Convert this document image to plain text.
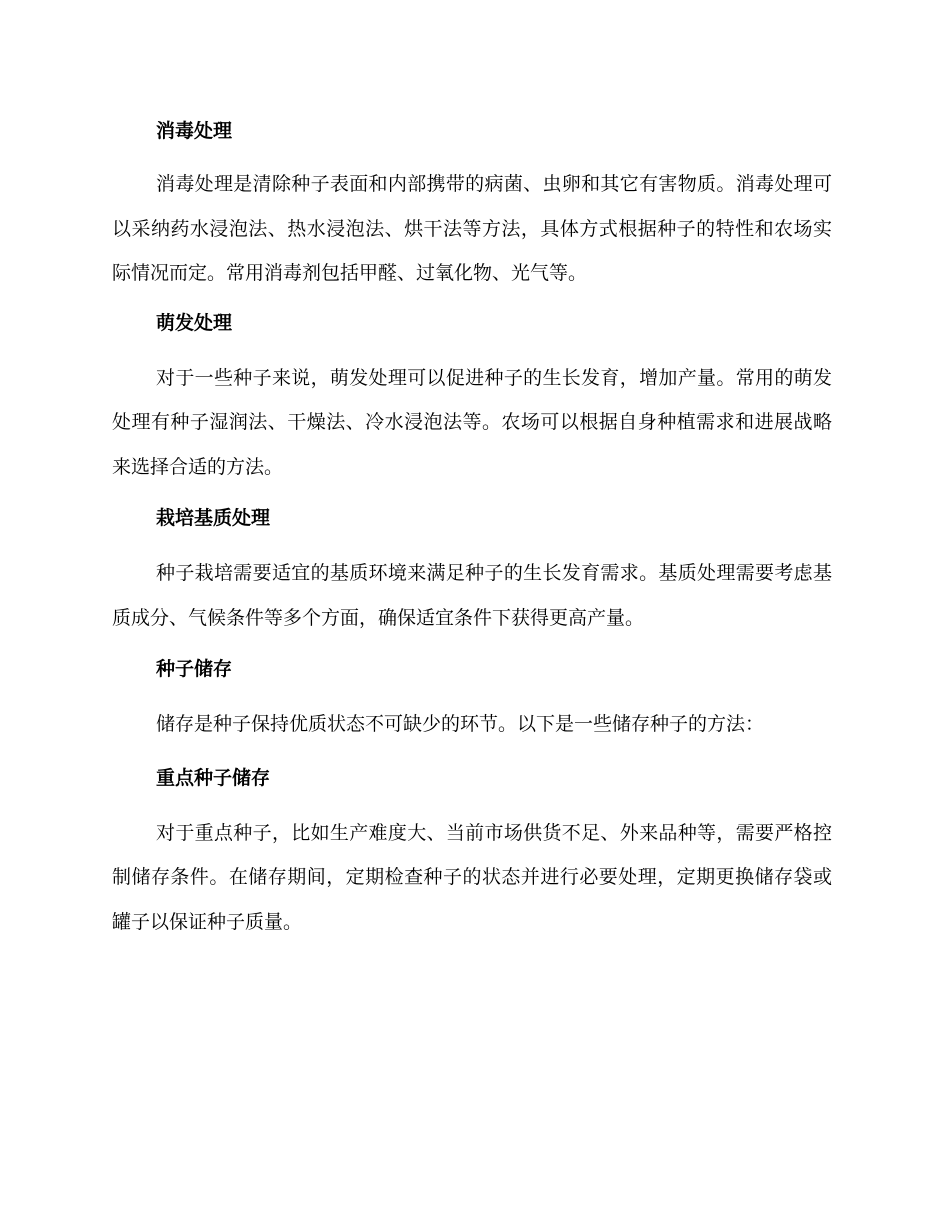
消毒处理

消毒处理是清除种子表面和内部携带的病菌、虫卵和其它有害物质。消毒处理可以采纳药水浸泡法、热水浸泡法、烘干法等方法，具体方式根据种子的特性和农场实际情况而定。常用消毒剂包括甲醛、过氧化物、光气等。

萌发处理

对于一些种子来说，萌发处理可以促进种子的生长发育，增加产量。常用的萌发处理有种子湿润法、干燥法、冷水浸泡法等。农场可以根据自身种植需求和进展战略来选择合适的方法。

栽培基质处理

种子栽培需要适宜的基质环境来满足种子的生长发育需求。基质处理需要考虑基质成分、气候条件等多个方面，确保适宜条件下获得更高产量。

种子储存

储存是种子保持优质状态不可缺少的环节。以下是一些储存种子的方法：

重点种子储存

对于重点种子，比如生产难度大、当前市场供货不足、外来品种等，需要严格控制储存条件。在储存期间，定期检查种子的状态并进行必要处理，定期更换储存袋或罐子以保证种子质量。
